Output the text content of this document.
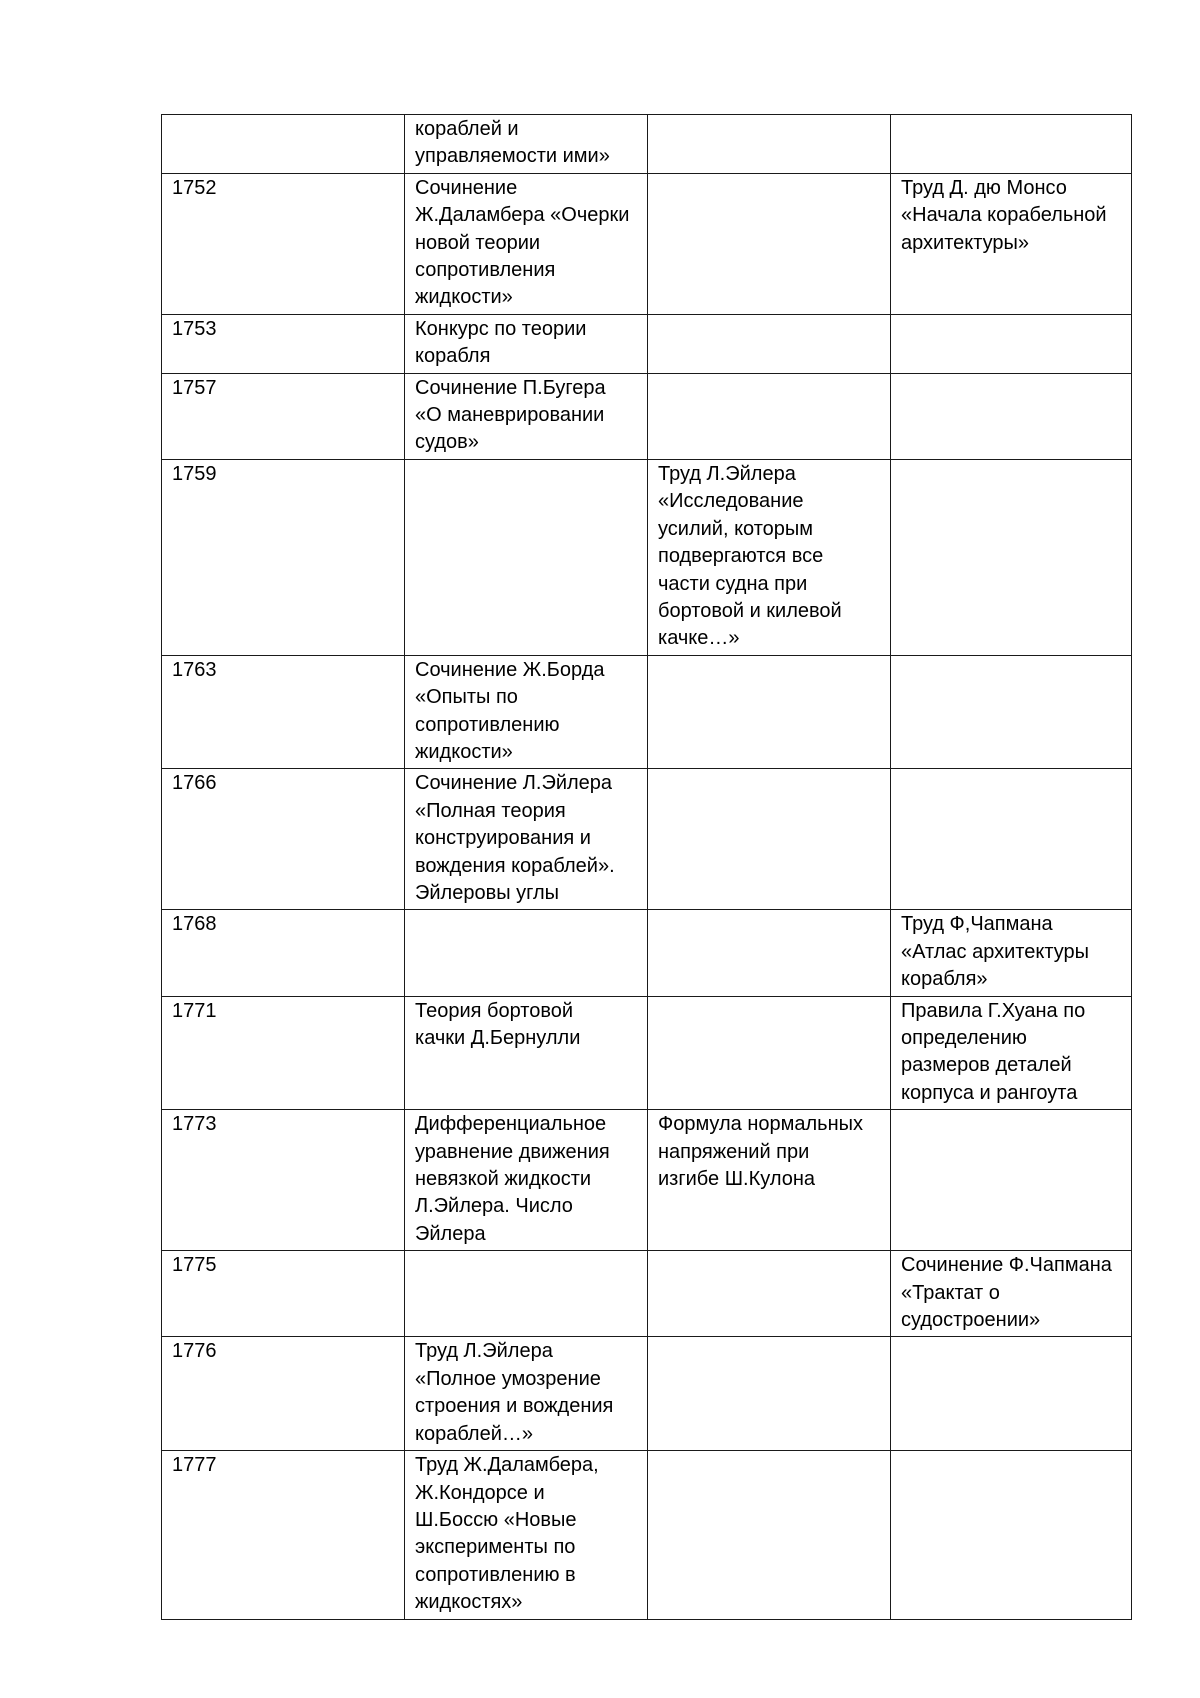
	кораблей и
управляемости ими»		
1752	Сочинение
Ж.Даламбера «Очерки
новой теории
сопротивления
жидкости»		Труд Д. дю Монсо
«Начала корабельной
архитектуры»
1753	Конкурс по теории
корабля		
1757	Сочинение П.Бугера
«О маневрировании
судов»		
1759		Труд Л.Эйлера
«Исследование
усилий, которым
подвергаются все
части судна при
бортовой и килевой
качке…»	
1763	Сочинение Ж.Борда
«Опыты по
сопротивлению
жидкости»		
1766	Сочинение Л.Эйлера
«Полная теория
конструирования и
вождения кораблей».
Эйлеровы углы		
1768			Труд Ф,Чапмана
«Атлас архитектуры
корабля»
1771	Теория бортовой
качки Д.Бернулли		Правила Г.Хуана по
определению
размеров деталей
корпуса и рангоута
1773	Дифференциальное
уравнение движения
невязкой жидкости
Л.Эйлера. Число
Эйлера	Формула нормальных
напряжений при
изгибе Ш.Кулона	
1775			Сочинение Ф.Чапмана
«Трактат о
судостроении»
1776	Труд Л.Эйлера
«Полное умозрение
строения и вождения
кораблей…»		
1777	Труд Ж.Даламбера,
Ж.Кондорсе и
Ш.Боссю «Новые
эксперименты по
сопротивлению в
жидкостях»		
